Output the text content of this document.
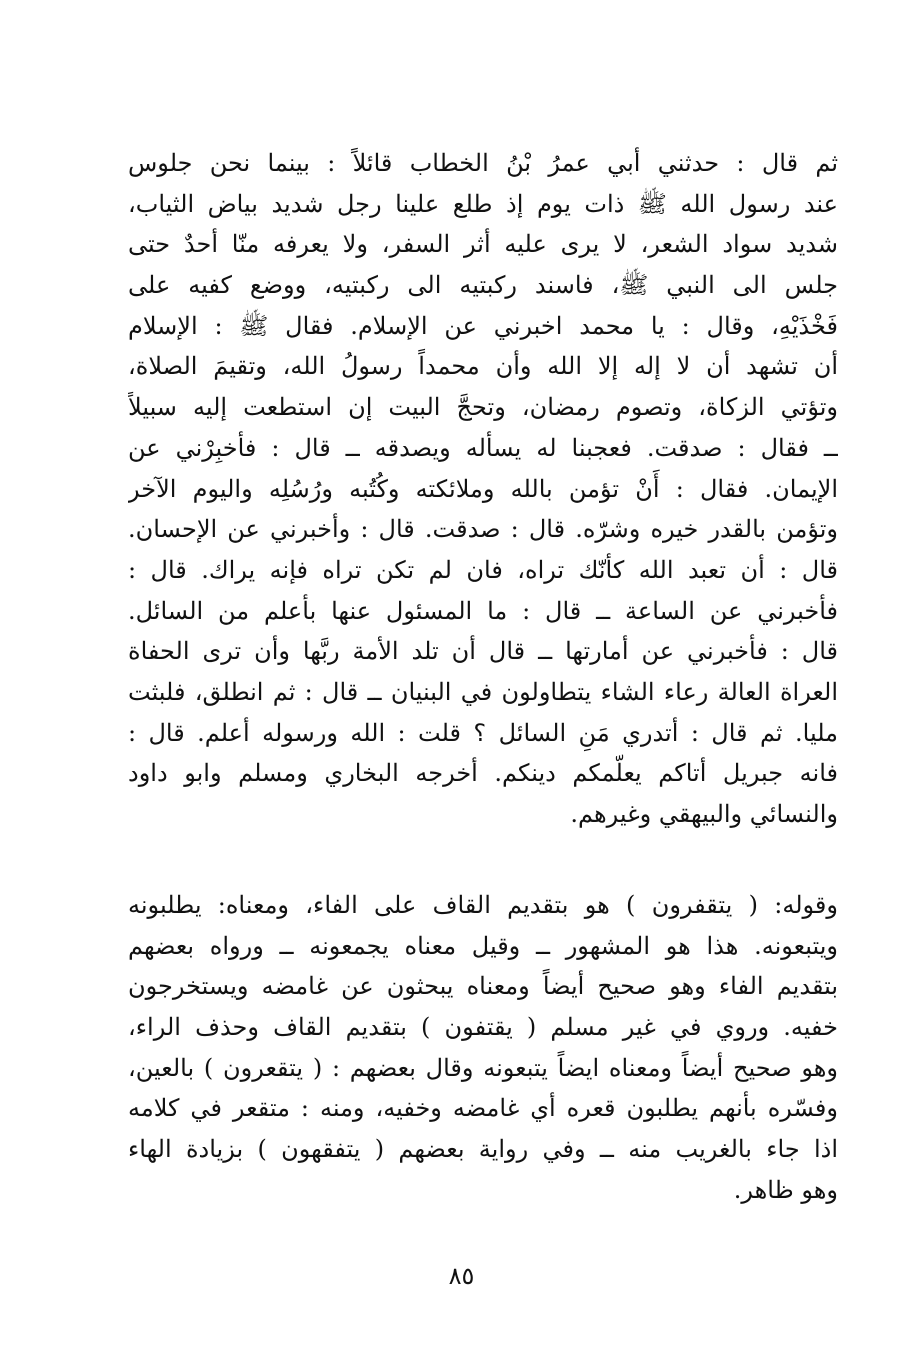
ثم قال : حدثني أبي عمرُ بْنُ الخطاب قائلاً : بينما نحن جلوس
عند رسول الله ﷺ ذات يوم إذ طلع علينا رجل شديد بياض الثياب،
شديد سواد الشعر، لا يرى عليه أثر السفر، ولا يعرفه منّا أحدٌ حتى
جلس الى النبي ﷺ، فاسند ركبتيه الى ركبتيه، ووضع كفيه على
فَخْذَيْهِ، وقال : يا محمد اخبرني عن الإسلام. فقال ﷺ : الإسلام
أن تشهد أن لا إله إلا الله وأن محمداً رسولُ الله، وتقيمَ الصلاة،
وتؤتي الزكاة، وتصوم رمضان، وتحجَّ البيت إن استطعت إليه سبيلاً
ــ فقال : صدقت. فعجبنا له يسأله ويصدقه ــ قال : فأخبِرْني عن
الإيمان. فقال : أَنْ تؤمن بالله وملائكته وكُتُبه ورُسُلِه واليوم الآخر
وتؤمن بالقدر خيره وشرّه. قال : صدقت. قال : وأخبرني عن الإحسان.
قال : أن تعبد الله كأنّك تراه، فان لم تكن تراه فإنه يراك. قال :
فأخبرني عن الساعة ــ قال : ما المسئول عنها بأعلم من السائل.
قال : فأخبرني عن أمارتها ــ قال أن تلد الأمة ربَّها وأن ترى الحفاة
العراة العالة رعاء الشاء يتطاولون في البنيان ــ قال : ثم انطلق، فلبثت
مليا. ثم قال : أتدري مَنِ السائل ؟ قلت : الله ورسوله أعلم. قال :
فانه جبريل أتاكم يعلّمكم دينكم. أخرجه البخاري ومسلم وابو داود
والنسائي والبيهقي وغيرهم.
وقوله: ( يتقفرون ) هو بتقديم القاف على الفاء، ومعناه: يطلبونه
ويتبعونه. هذا هو المشهور ــ وقيل معناه يجمعونه ــ ورواه بعضهم
بتقديم الفاء وهو صحيح أيضاً ومعناه يبحثون عن غامضه ويستخرجون
خفيه. وروي في غير مسلم ( يقتفون ) بتقديم القاف وحذف الراء،
وهو صحيح أيضاً ومعناه ايضاً يتبعونه وقال بعضهم : ( يتقعرون ) بالعين،
وفسّره بأنهم يطلبون قعره أي غامضه وخفيه، ومنه : متقعر في كلامه
اذا جاء بالغريب منه ــ وفي رواية بعضهم ( يتفقهون ) بزيادة الهاء
وهو ظاهر.
٨٥
